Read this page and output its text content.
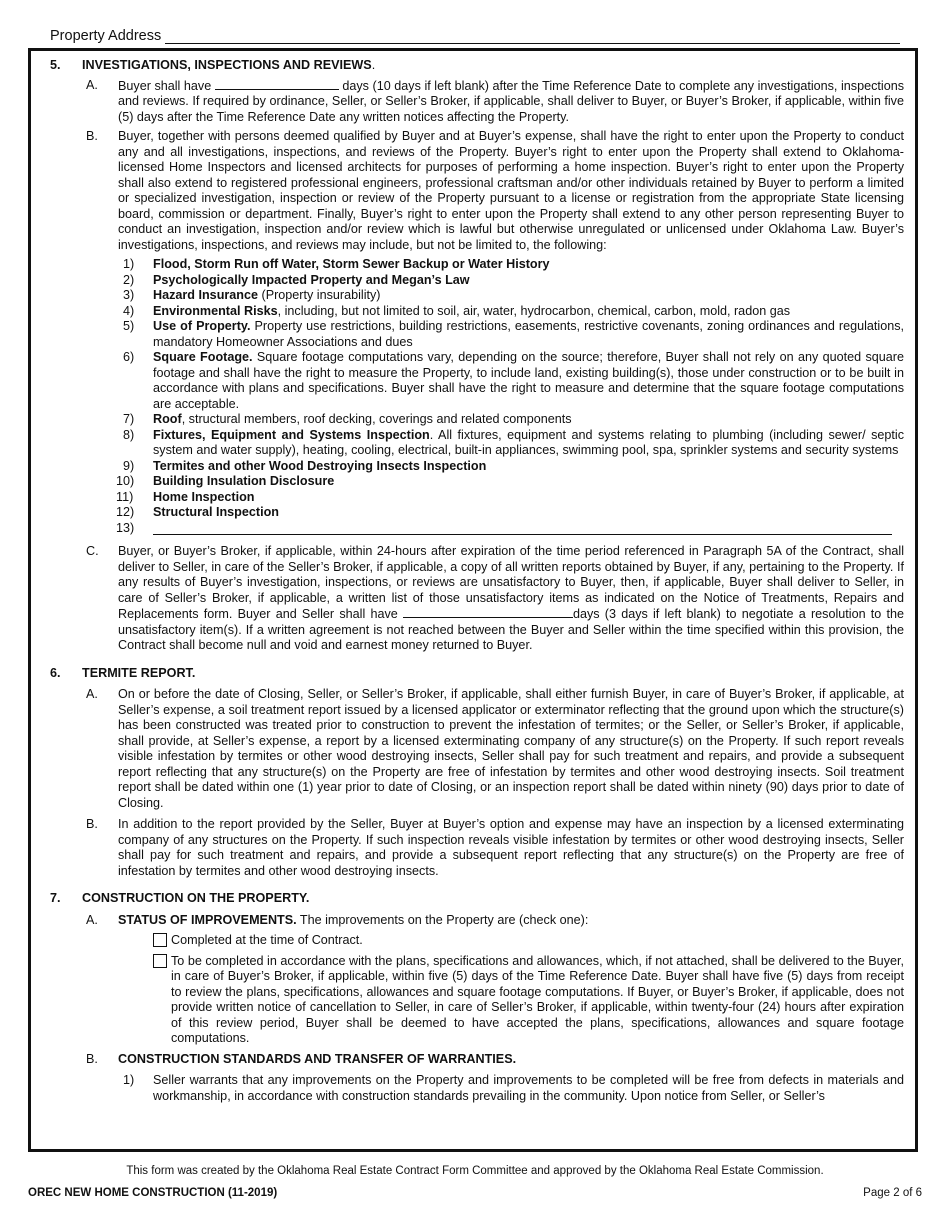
Property Address
5.	INVESTIGATIONS, INSPECTIONS AND REVIEWS.
A.	Buyer shall have	days (10 days if left blank) after the Time Reference Date to complete any investigations, inspections and reviews. If required by ordinance, Seller, or Seller’s Broker, if applicable, shall deliver to Buyer, or Buyer’s Broker, if applicable, within five (5) days after the Time Reference Date any written notices affecting the Property.
B.	Buyer, together with persons deemed qualified by Buyer and at Buyer’s expense, shall have the right to enter upon the Property to conduct any and all investigations, inspections, and reviews of the Property. Buyer’s right to enter upon the Property shall extend to Oklahoma-licensed Home Inspectors and licensed architects for purposes of performing a home inspection. Buyer’s right to enter upon the Property shall also extend to registered professional engineers, professional craftsman and/or other individuals retained by Buyer to perform a limited or specialized investigation, inspection or review of the Property pursuant to a license or registration from the appropriate State licensing board, commission or department. Finally, Buyer’s right to enter upon the Property shall extend to any other person representing Buyer to conduct an investigation, inspection and/or review which is lawful but otherwise unregulated or unlicensed under Oklahoma Law. Buyer’s investigations, inspections, and reviews may include, but not be limited to, the following:
1)	Flood, Storm Run off Water, Storm Sewer Backup or Water History
2)	Psychologically Impacted Property and Megan’s Law
3)	Hazard Insurance (Property insurability)
4)	Environmental Risks, including, but not limited to soil, air, water, hydrocarbon, chemical, carbon, mold, radon gas
5)	Use of Property. Property use restrictions, building restrictions, easements, restrictive covenants, zoning ordinances and regulations, mandatory Homeowner Associations and dues
6)	Square Footage. Square footage computations vary, depending on the source; therefore, Buyer shall not rely on any quoted square footage and shall have the right to measure the Property, to include land, existing building(s), those under construction or to be built in accordance with plans and specifications. Buyer shall have the right to measure and determine that the square footage computations are acceptable.
7)	Roof, structural members, roof decking, coverings and related components
8)	Fixtures, Equipment and Systems Inspection. All fixtures, equipment and systems relating to plumbing (including sewer/ septic system and water supply), heating, cooling, electrical, built-in appliances, swimming pool, spa, sprinkler systems and security systems
9)	Termites and other Wood Destroying Insects Inspection
10)	Building Insulation Disclosure
11)	Home Inspection
12)	Structural Inspection
13)
C.	Buyer, or Buyer’s Broker, if applicable, within 24-hours after expiration of the time period referenced in Paragraph 5A of the Contract, shall deliver to Seller, in care of the Seller’s Broker, if applicable, a copy of all written reports obtained by Buyer, if any, pertaining to the Property. If any results of Buyer’s investigation, inspections, or reviews are unsatisfactory to Buyer, then, if applicable, Buyer shall deliver to Seller, in care of Seller’s Broker, if applicable, a written list of those unsatisfactory items as indicated on the Notice of Treatments, Repairs and Replacements form. Buyer and Seller shall have	days (3 days if left blank) to negotiate a resolution to the unsatisfactory item(s). If a written agreement is not reached between the Buyer and Seller within the time specified within this provision, the Contract shall become null and void and earnest money returned to Buyer.
6.	TERMITE REPORT.
A.	On or before the date of Closing, Seller, or Seller’s Broker, if applicable, shall either furnish Buyer, in care of Buyer’s Broker, if applicable, at Seller’s expense, a soil treatment report issued by a licensed applicator or exterminator reflecting that the ground upon which the structure(s) has been constructed was treated prior to construction to prevent the infestation of termites; or the Seller, or Seller’s Broker, if applicable, shall provide, at Seller’s expense, a report by a licensed exterminating company of any structure(s) on the Property. If such report reveals visible infestation by termites or other wood destroying insects, Seller shall pay for such treatment and repairs, and provide a subsequent report reflecting that any structure(s) on the Property are free of infestation by termites and other wood destroying insects. Soil treatment report shall be dated within one (1) year prior to date of Closing, or an inspection report shall be dated within ninety (90) days prior to date of Closing.
B.	In addition to the report provided by the Seller, Buyer at Buyer’s option and expense may have an inspection by a licensed exterminating company of any structures on the Property. If such inspection reveals visible infestation by termites or other wood destroying insects, Seller shall pay for such treatment and repairs, and provide a subsequent report reflecting that any structure(s) on the Property are free of infestation by termites and other wood destroying insects.
7.	CONSTRUCTION ON THE PROPERTY.
A.	STATUS OF IMPROVEMENTS. The improvements on the Property are (check one):
Completed at the time of Contract.
To be completed in accordance with the plans, specifications and allowances, which, if not attached, shall be delivered to the Buyer, in care of Buyer’s Broker, if applicable, within five (5) days of the Time Reference Date. Buyer shall have five (5) days from receipt to review the plans, specifications, allowances and square footage computations. If Buyer, or Buyer’s Broker, if applicable, does not provide written notice of cancellation to Seller, in care of Seller’s Broker, if applicable, within twenty-four (24) hours after expiration of this review period, Buyer shall be deemed to have accepted the plans, specifications, allowances and square footage computations.
B.	CONSTRUCTION STANDARDS AND TRANSFER OF WARRANTIES.
1)	Seller warrants that any improvements on the Property and improvements to be completed will be free from defects in materials and workmanship, in accordance with construction standards prevailing in the community. Upon notice from Seller, or Seller’s
This form was created by the Oklahoma Real Estate Contract Form Committee and approved by the Oklahoma Real Estate Commission.
OREC NEW HOME CONSTRUCTION (11-2019)	Page 2 of 6
